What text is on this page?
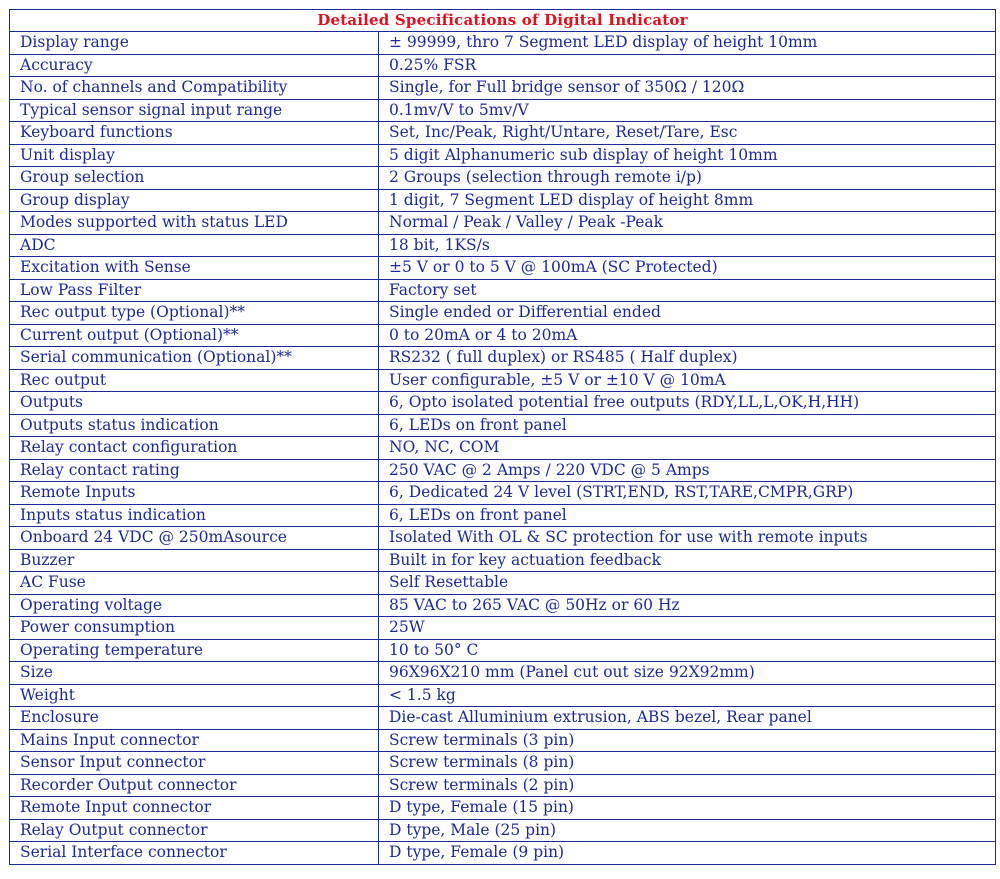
Detailed Specifications of Digital Indicator	
Display range	± 99999, thro 7 Segment LED display of height 10mm
Accuracy	0.25% FSR
No. of channels and Compatibility	Single, for Full bridge sensor of 350Ω / 120Ω
Typical sensor signal input range	0.1mv/V to 5mv/V
Keyboard functions	Set, Inc/Peak, Right/Untare, Reset/Tare, Esc
Unit display	5 digit Alphanumeric sub display of height 10mm
Group selection	2 Groups (selection through remote i/p)
Group display	1 digit, 7 Segment LED display of height 8mm
Modes supported with status LED	Normal / Peak / Valley / Peak -Peak
ADC	18 bit, 1KS/s
Excitation with Sense	±5 V or 0 to 5 V @ 100mA (SC Protected)
Low Pass Filter	Factory set
Rec output type (Optional)**	Single ended or Differential ended
Current output (Optional)**	0 to 20mA or 4 to 20mA
Serial communication (Optional)**	RS232 ( full duplex) or RS485 ( Half duplex)
Rec output	User configurable, ±5 V or ±10 V @ 10mA
Outputs	6, Opto isolated potential free outputs (RDY,LL,L,OK,H,HH)
Outputs status indication	6, LEDs on front panel
Relay contact configuration	NO, NC, COM
Relay contact rating	250 VAC @ 2 Amps / 220 VDC @ 5 Amps
Remote Inputs	6, Dedicated 24 V level (STRT,END, RST,TARE,CMPR,GRP)
Inputs status indication	6, LEDs on front panel
Onboard 24 VDC @ 250mAsource	Isolated With OL & SC protection for use with remote inputs
Buzzer	Built in for key actuation feedback
AC Fuse	Self Resettable
Operating voltage	85 VAC to 265 VAC @ 50Hz or 60 Hz
Power consumption	25W
Operating temperature	10 to 50° C
Size	96X96X210 mm (Panel cut out size 92X92mm)
Weight	< 1.5 kg
Enclosure	Die-cast Alluminium extrusion, ABS bezel, Rear panel
Mains Input connector	Screw terminals (3 pin)
Sensor Input connector	Screw terminals (8 pin)
Recorder Output connector	Screw terminals (2 pin)
Remote Input connector	D type, Female (15 pin)
Relay Output connector	D type, Male (25 pin)
Serial Interface connector	D type, Female (9 pin)
